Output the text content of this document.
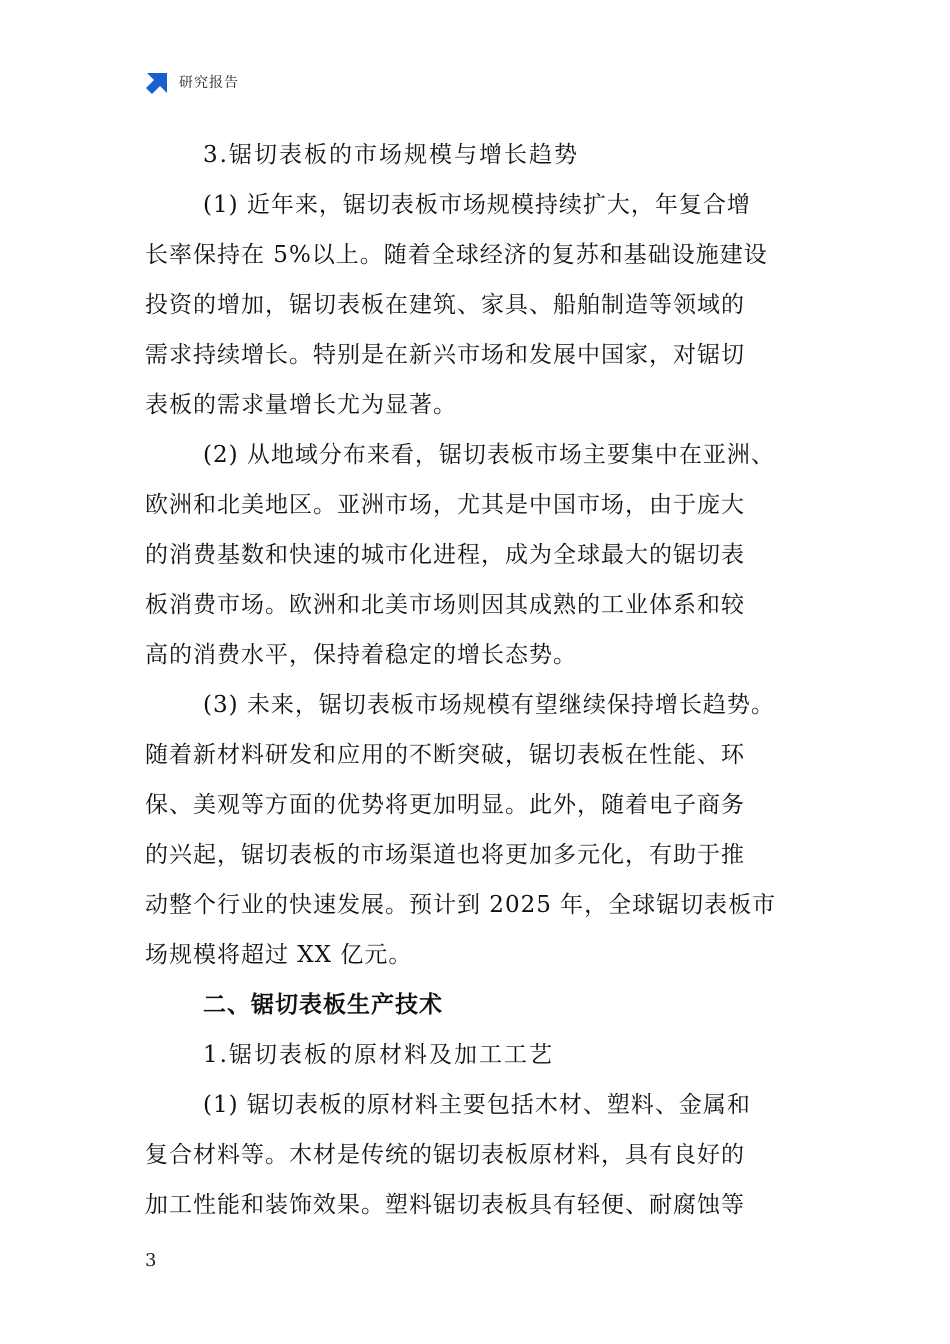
研究报告
3.锯切表板的市场规模与增长趋势
(1) 近年来，锯切表板市场规模持续扩大，年复合增
长率保持在 5%以上。随着全球经济的复苏和基础设施建设
投资的增加，锯切表板在建筑、家具、船舶制造等领域的
需求持续增长。特别是在新兴市场和发展中国家，对锯切
表板的需求量增长尤为显著。
(2) 从地域分布来看，锯切表板市场主要集中在亚洲、
欧洲和北美地区。亚洲市场，尤其是中国市场，由于庞大
的消费基数和快速的城市化进程，成为全球最大的锯切表
板消费市场。欧洲和北美市场则因其成熟的工业体系和较
高的消费水平，保持着稳定的增长态势。
(3) 未来，锯切表板市场规模有望继续保持增长趋势。
随着新材料研发和应用的不断突破，锯切表板在性能、环
保、美观等方面的优势将更加明显。此外，随着电子商务
的兴起，锯切表板的市场渠道也将更加多元化，有助于推
动整个行业的快速发展。预计到 2025 年，全球锯切表板市
场规模将超过 XX 亿元。
二、锯切表板生产技术
1.锯切表板的原材料及加工工艺
(1) 锯切表板的原材料主要包括木材、塑料、金属和
复合材料等。木材是传统的锯切表板原材料，具有良好的
加工性能和装饰效果。塑料锯切表板具有轻便、耐腐蚀等
3
